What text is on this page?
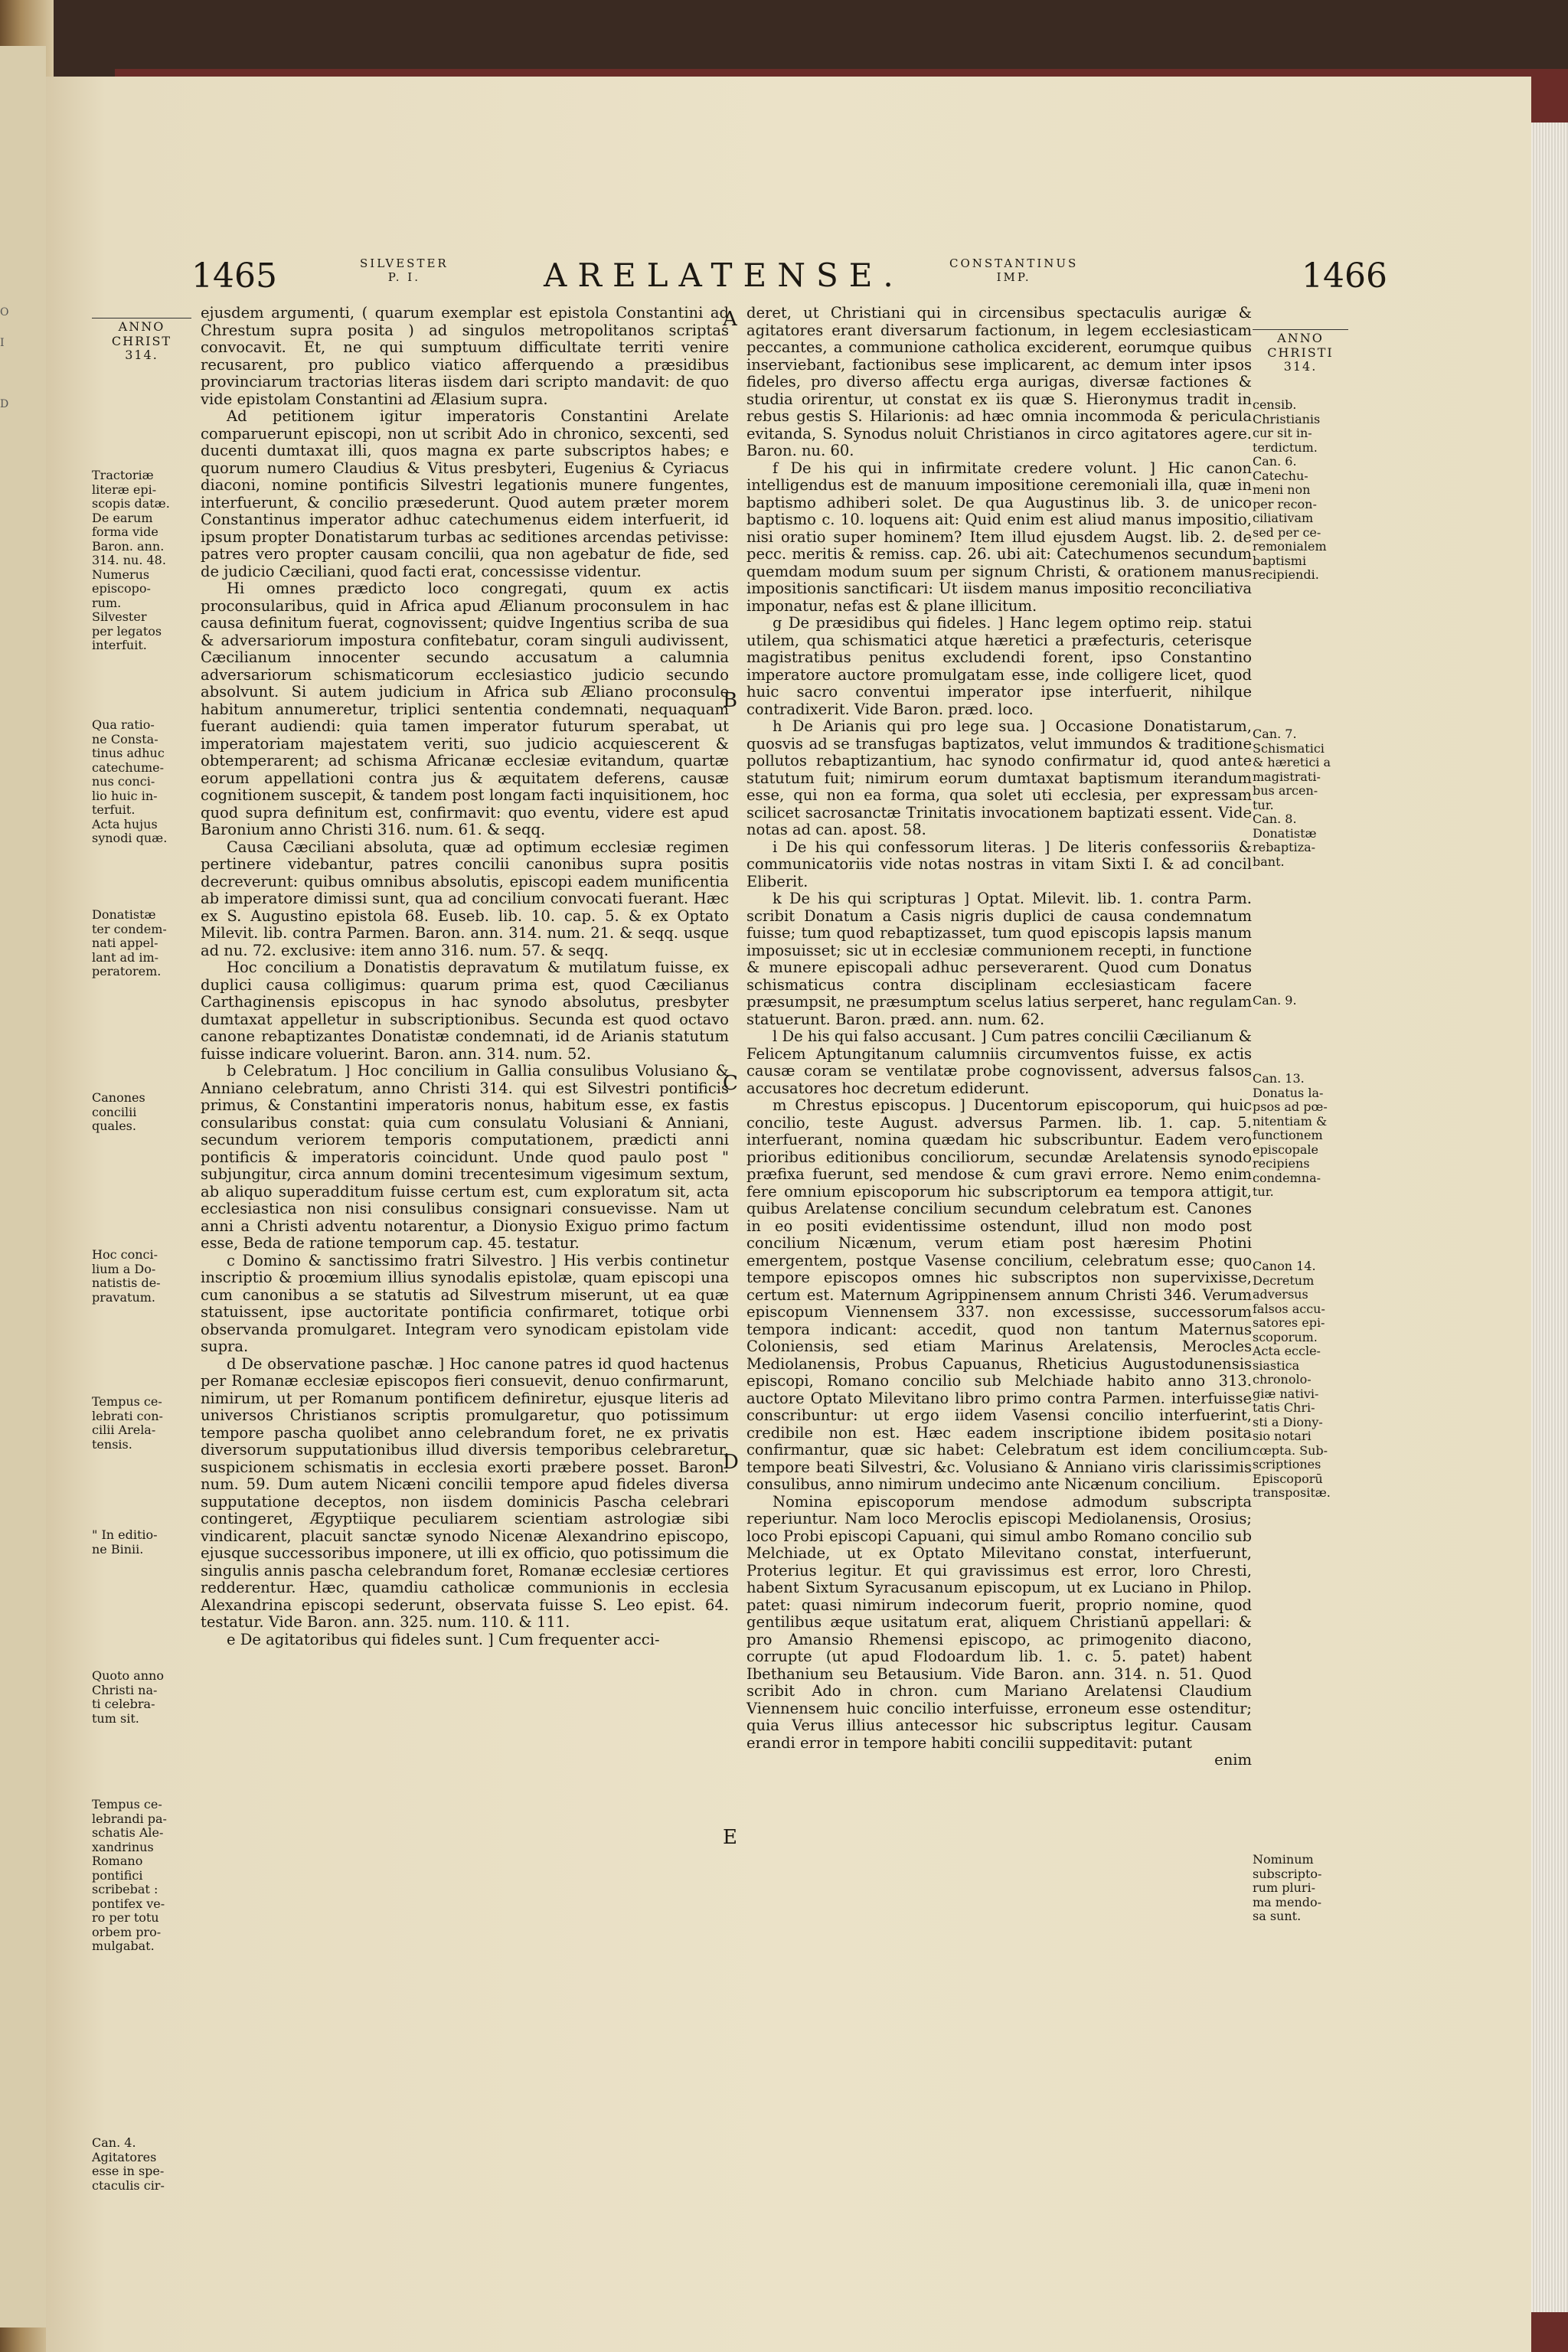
O
I
D
1465	SILVESTER
P. I.	ARELATENSE.	CONSTANTINUS
IMP.	1466
ANNO
CHRIST
314.
Tractoriæ
literæ epi-
scopis datæ.
De earum
forma vide
Baron. ann.
314. nu. 48.
Numerus
episcopo-
rum.
Silvester
per legatos
interfuit.
Qua ratio-
ne Consta-
tinus adhuc
catechume-
nus conci-
lio huic in-
terfuit.
Acta hujus
synodi quæ.
Donatistæ
ter condem-
nati appel-
lant ad im-
peratorem.
Canones
concilii
quales.
Hoc conci-
lium a Do-
natistis de-
pravatum.
Tempus ce-
lebrati con-
cilii Arela-
tensis.
" In editio-
ne Binii.
Quoto anno
Christi na-
ti celebra-
tum sit.
Tempus ce-
lebrandi pa-
schatis Ale-
xandrinus
Romano
pontifici
scribebat :
pontifex ve-
ro per totu
orbem pro-
mulgabat.
Can. 4.
Agitatores
esse in spe-
ctaculis cir-
ANNO
CHRISTI
314.
censib.
Christianis
cur sit in-
terdictum.
Can. 6.
Catechu-
meni non
per recon-
ciliativam
sed per ce-
remonialem
baptismi
recipiendi.
Can. 7.
Schismatici
& hæretici a
magistrati-
bus arcen-
tur.
Can. 8.
Donatistæ
rebaptiza-
bant.
Can. 9.
Can. 13.
Donatus la-
psos ad pœ-
nitentiam &
functionem
episcopale
recipiens
condemna-
tur.
Canon 14.
Decretum
adversus
falsos accu-
satores epi-
scoporum.
Acta eccle-
siastica
chronolo-
giæ nativi-
tatis Chri-
sti a Diony-
sio notari
cœpta. Sub-
scriptiones
Episcoporū
transpositæ.
Nominum
subscripto-
rum pluri-
ma mendo-
sa sunt.
A
B
C
D
E

ejusdem argumenti, ( quarum exemplar est epistola Constantini ad Chrestum supra posita ) ad singulos metropolitanos scriptas convocavit. Et, ne qui sumptuum difficultate territi venire recusarent, pro publico viatico afferquendo a præsidibus provinciarum tractorias literas iisdem dari scripto mandavit: de quo vide epistolam Constantini ad Ælasium supra.

Ad petitionem igitur imperatoris Constantini Arelate comparuerunt episcopi, non ut scribit Ado in chronico, sexcenti, sed ducenti dumtaxat illi, quos magna ex parte subscriptos habes; e quorum numero Claudius & Vitus presbyteri, Eugenius & Cyriacus diaconi, nomine pontificis Silvestri legationis munere fungentes, interfuerunt, & concilio præsederunt. Quod autem præter morem Constantinus imperator adhuc catechumenus eidem interfuerit, id ipsum propter Donatistarum turbas ac seditiones arcendas petivisse: patres vero propter causam concilii, qua non agebatur de fide, sed de judicio Cæciliani, quod facti erat, concessisse videntur.

Hi omnes prædicto loco congregati, quum ex actis proconsularibus, quid in Africa apud Ælianum proconsulem in hac causa definitum fuerat, cognovissent; quidve Ingentius scriba de sua & adversariorum impostura confitebatur, coram singuli audivissent, Cæcilianum innocenter secundo accusatum a calumnia adversariorum schismaticorum ecclesiastico judicio secundo absolvunt. Si autem judicium in Africa sub Æliano proconsule habitum annumeretur, triplici sententia condemnati, nequaquam fuerant audiendi: quia tamen imperator futurum sperabat, ut imperatoriam majestatem veriti, suo judicio acquiescerent & obtemperarent; ad schisma Africanæ ecclesiæ evitandum, quartæ eorum appellationi contra jus & æquitatem deferens, causæ cognitionem suscepit, & tandem post longam facti inquisitionem, hoc quod supra definitum est, confirmavit: quo eventu, videre est apud Baronium anno Christi 316. num. 61. & seqq.

Causa Cæciliani absoluta, quæ ad optimum ecclesiæ regimen pertinere videbantur, patres concilii canonibus supra positis decreverunt: quibus omnibus absolutis, episcopi eadem munificentia ab imperatore dimissi sunt, qua ad concilium convocati fuerant. Hæc ex S. Augustino epistola 68. Euseb. lib. 10. cap. 5. & ex Optato Milevit. lib. contra Parmen. Baron. ann. 314. num. 21. & seqq. usque ad nu. 72. exclusive: item anno 316. num. 57. & seqq.

Hoc concilium a Donatistis depravatum & mutilatum fuisse, ex duplici causa colligimus: quarum prima est, quod Cæcilianus Carthaginensis episcopus in hac synodo absolutus, presbyter dumtaxat appelletur in subscriptionibus. Secunda est quod octavo canone rebaptizantes Donatistæ condemnati, id de Arianis statutum fuisse indicare voluerint. Baron. ann. 314. num. 52.

b Celebratum. ] Hoc concilium in Gallia consulibus Volusiano & Anniano celebratum, anno Christi 314. qui est Silvestri pontificis primus, & Constantini imperatoris nonus, habitum esse, ex fastis consularibus constat: quia cum consulatu Volusiani & Anniani, secundum veriorem temporis computationem, prædicti anni pontificis & imperatoris coincidunt. Unde quod paulo post " subjungitur, circa annum domini trecentesimum vigesimum sextum, ab aliquo superadditum fuisse certum est, cum exploratum sit, acta ecclesiastica non nisi consulibus consignari consuevisse. Nam ut anni a Christi adventu notarentur, a Dionysio Exiguo primo factum esse, Beda de ratione temporum cap. 45. testatur.

c Domino & sanctissimo fratri Silvestro. ] His verbis continetur inscriptio & proœmium illius synodalis epistolæ, quam episcopi una cum canonibus a se statutis ad Silvestrum miserunt, ut ea quæ statuissent, ipse auctoritate pontificia confirmaret, totique orbi observanda promulgaret. Integram vero synodicam epistolam vide supra.

d De observatione paschæ. ] Hoc canone patres id quod hactenus per Romanæ ecclesiæ episcopos fieri consuevit, denuo confirmarunt, nimirum, ut per Romanum pontificem definiretur, ejusque literis ad universos Christianos scriptis promulgaretur, quo potissimum tempore pascha quolibet anno celebrandum foret, ne ex privatis diversorum supputationibus illud diversis temporibus celebraretur, suspicionem schismatis in ecclesia exorti præbere posset. Baron. num. 59. Dum autem Nicæni concilii tempore apud fideles diversa supputatione deceptos, non iisdem dominicis Pascha celebrari contingeret, Ægyptiique peculiarem scientiam astrologiæ sibi vindicarent, placuit sanctæ synodo Nicenæ Alexandrino episcopo, ejusque successoribus imponere, ut illi ex officio, quo potissimum die singulis annis pascha celebrandum foret, Romanæ ecclesiæ certiores redderentur. Hæc, quamdiu catholicæ communionis in ecclesia Alexandrina episcopi sederunt, observata fuisse S. Leo epist. 64. testatur. Vide Baron. ann. 325. num. 110. & 111.

e De agitatoribus qui fideles sunt. ] Cum frequenter acci-

deret, ut Christiani qui in circensibus spectaculis aurigæ & agitatores erant diversarum factionum, in legem ecclesiasticam peccantes, a communione catholica exciderent, eorumque quibus inserviebant, factionibus sese implicarent, ac demum inter ipsos fideles, pro diverso affectu erga aurigas, diversæ factiones & studia orirentur, ut constat ex iis quæ S. Hieronymus tradit in rebus gestis S. Hilarionis: ad hæc omnia incommoda & pericula evitanda, S. Synodus noluit Christianos in circo agitatores agere. Baron. nu. 60.

f De his qui in infirmitate credere volunt. ] Hic canon intelligendus est de manuum impositione ceremoniali illa, quæ in baptismo adhiberi solet. De qua Augustinus lib. 3. de unico baptismo c. 10. loquens ait: Quid enim est aliud manus impositio, nisi oratio super hominem? Item illud ejusdem Augst. lib. 2. de pecc. meritis & remiss. cap. 26. ubi ait: Catechumenos secundum quemdam modum suum per signum Christi, & orationem manus impositionis sanctificari: Ut iisdem manus impositio reconciliativa imponatur, nefas est & plane illicitum.

g De præsidibus qui fideles. ] Hanc legem optimo reip. statui utilem, qua schismatici atque hæretici a præfecturis, ceterisque magistratibus penitus excludendi forent, ipso Constantino imperatore auctore promulgatam esse, inde colligere licet, quod huic sacro conventui imperator ipse interfuerit, nihilque contradixerit. Vide Baron. præd. loco.

h De Arianis qui pro lege sua. ] Occasione Donatistarum, quosvis ad se transfugas baptizatos, velut immundos & traditione pollutos rebaptizantium, hac synodo confirmatur id, quod ante statutum fuit; nimirum eorum dumtaxat baptismum iterandum esse, qui non ea forma, qua solet uti ecclesia, per expressam scilicet sacrosanctæ Trinitatis invocationem baptizati essent. Vide notas ad can. apost. 58.

i De his qui confessorum literas. ] De literis confessoriis & communicatoriis vide notas nostras in vitam Sixti I. & ad concil Eliberit.

k De his qui scripturas ] Optat. Milevit. lib. 1. contra Parm. scribit Donatum a Casis nigris duplici de causa condemnatum fuisse; tum quod rebaptizasset, tum quod episcopis lapsis manum imposuisset; sic ut in ecclesiæ communionem recepti, in functione & munere episcopali adhuc perseverarent. Quod cum Donatus schismaticus contra disciplinam ecclesiasticam facere præsumpsit, ne præsumptum scelus latius serperet, hanc regulam statuerunt. Baron. præd. ann. num. 62.

l De his qui falso accusant. ] Cum patres concilii Cæcilianum & Felicem Aptungitanum calumniis circumventos fuisse, ex actis causæ coram se ventilatæ probe cognovissent, adversus falsos accusatores hoc decretum ediderunt.

m Chrestus episcopus. ] Ducentorum episcoporum, qui huic concilio, teste August. adversus Parmen. lib. 1. cap. 5. interfuerant, nomina quædam hic subscribuntur. Eadem vero prioribus editionibus conciliorum, secundæ Arelatensis synodo præfixa fuerunt, sed mendose & cum gravi errore. Nemo enim fere omnium episcoporum hic subscriptorum ea tempora attigit, quibus Arelatense concilium secundum celebratum est. Canones in eo positi evidentissime ostendunt, illud non modo post concilium Nicænum, verum etiam post hæresim Photini emergentem, postque Vasense concilium, celebratum esse; quo tempore episcopos omnes hic subscriptos non supervixisse, certum est. Maternum Agrippinensem annum Christi 346. Verum episcopum Viennensem 337. non excessisse, successorum tempora indicant: accedit, quod non tantum Maternus Coloniensis, sed etiam Marinus Arelatensis, Merocles Mediolanensis, Probus Capuanus, Rheticius Augustodunensis episcopi, Romano concilio sub Melchiade habito anno 313. auctore Optato Milevitano libro primo contra Parmen. interfuisse conscribuntur: ut ergo iidem Vasensi concilio interfuerint, credibile non est. Hæc eadem inscriptione ibidem posita confirmantur, quæ sic habet: Celebratum est idem concilium tempore beati Silvestri, &c. Volusiano & Anniano viris clarissimis consulibus, anno nimirum undecimo ante Nicænum concilium.

Nomina episcoporum mendose admodum subscripta reperiuntur. Nam loco Meroclis episcopi Mediolanensis, Orosius; loco Probi episcopi Capuani, qui simul ambo Romano concilio sub Melchiade, ut ex Optato Milevitano constat, interfuerunt, Proterius legitur. Et qui gravissimus est error, loro Chresti, habent Sixtum Syracusanum episcopum, ut ex Luciano in Philop. patet: quasi nimirum indecorum fuerit, proprio nomine, quod gentilibus æque usitatum erat, aliquem Christianū appellari: & pro Amansio Rhemensi episcopo, ac primogenito diacono, corrupte (ut apud Flodoardum lib. 1. c. 5. patet) habent Ibethanium seu Betausium. Vide Baron. ann. 314. n. 51. Quod scribit Ado in chron. cum Mariano Arelatensi Claudium Viennensem huic concilio interfuisse, erroneum esse ostenditur; quia Verus illius antecessor hic subscriptus legitur. Causam erandi error in tempore habiti concilii suppeditavit: putant

enim
